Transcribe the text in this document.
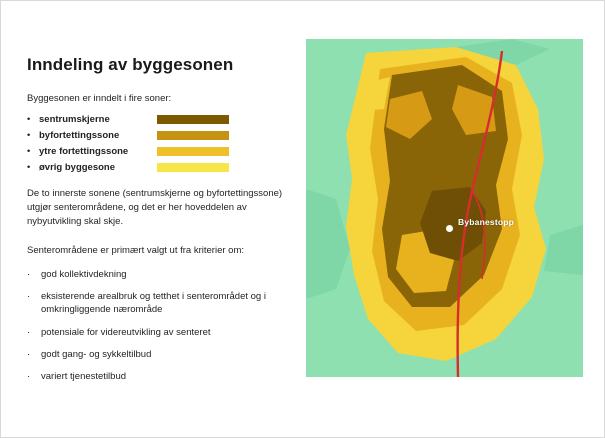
Inndeling av byggesonen

Byggesonen er inndelt i fire soner:

• sentrumskjerne
• byfortettingssone
• ytre fortettingssone
• øvrig byggesone

De to innerste sonene (sentrumskjerne og byfortettingssone) utgjør senterområdene, og det er her hoveddelen av nybyutvikling skal skje.

Senterområdene er primært valgt ut fra kriterier om:

·	god kollektivdekning
·	eksisterende arealbruk og tetthet i senterområdet og i omkringliggende nærområde
·	potensiale for videreutvikling av senteret
·	godt gang- og sykkeltilbud
·	variert tjenestetilbud
Bybanestopp
